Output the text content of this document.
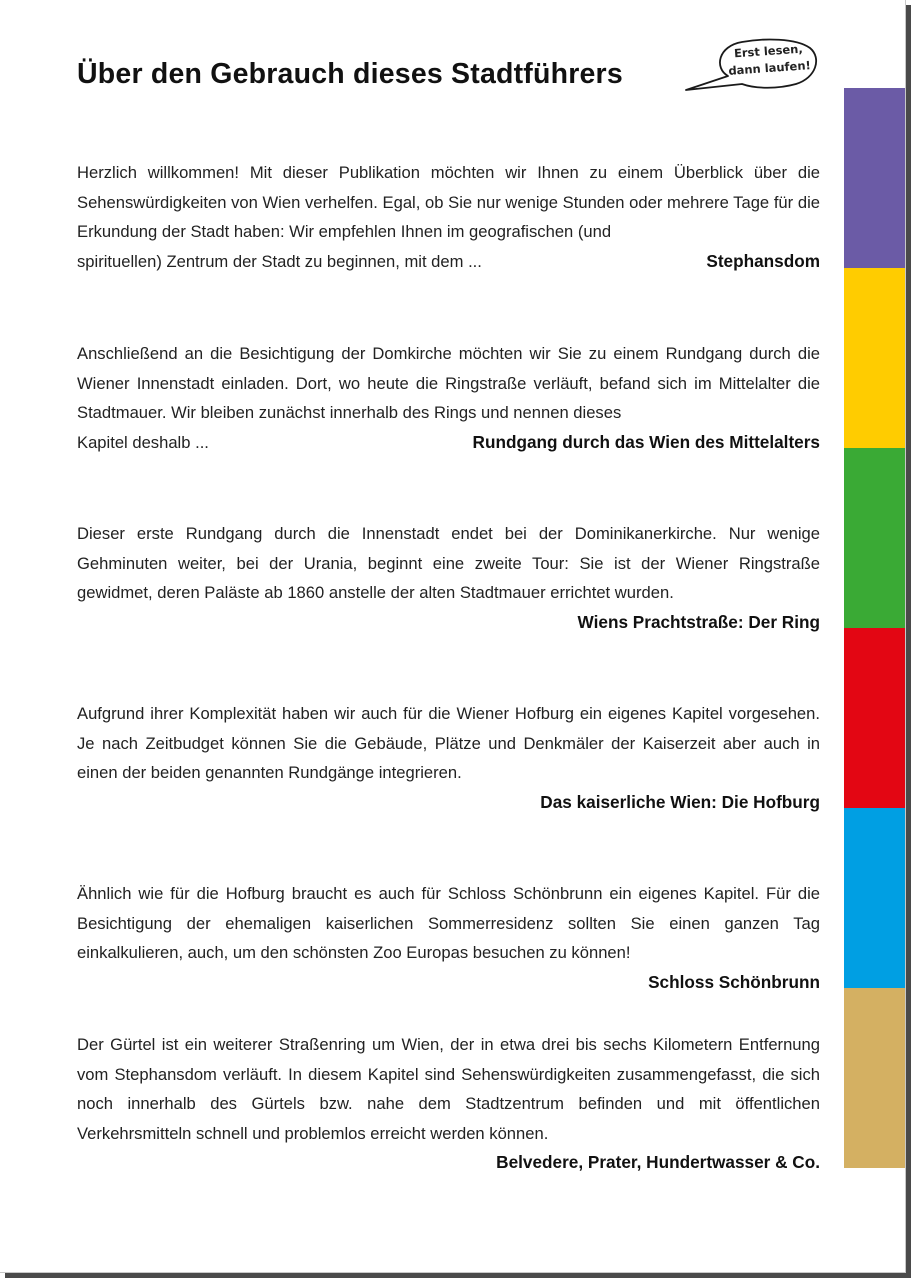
Über den Gebrauch dieses Stadtführers
Erst lesen,
dann laufen!

Herzlich willkommen! Mit dieser Publikation möchten wir Ihnen zu einem Überblick über die Sehenswürdigkeiten von Wien verhelfen. Egal, ob Sie nur wenige Stunden oder mehrere Tage für die Erkundung der Stadt haben: Wir empfehlen Ihnen im geografischen (und

spirituellen) Zentrum der Stadt zu beginnen, mit dem ...	Stephansdom

Anschließend an die Besichtigung der Domkirche möchten wir Sie zu einem Rundgang durch die Wiener Innenstadt einladen. Dort, wo heute die Ringstraße verläuft, befand sich im Mittelalter die Stadtmauer. Wir bleiben zunächst innerhalb des Rings und nennen dieses

Kapitel deshalb ...	Rundgang durch das Wien des Mittelalters

Dieser erste Rundgang durch die Innenstadt endet bei der Dominikanerkirche. Nur wenige Gehminuten weiter, bei der Urania, beginnt eine zweite Tour: Sie ist der Wiener Ringstraße gewidmet, deren Paläste ab 1860 anstelle der alten Stadtmauer errichtet wurden.

Wiens Prachtstraße: Der Ring

Aufgrund ihrer Komplexität haben wir auch für die Wiener Hofburg ein eigenes Kapitel vorgesehen. Je nach Zeitbudget können Sie die Gebäude, Plätze und Denkmäler der Kaiserzeit aber auch in einen der beiden genannten Rundgänge integrieren.

Das kaiserliche Wien: Die Hofburg

Ähnlich wie für die Hofburg braucht es auch für Schloss Schönbrunn ein eigenes Kapitel. Für die Besichtigung der ehemaligen kaiserlichen Sommerresidenz sollten Sie einen ganzen Tag einkalkulieren, auch, um den schönsten Zoo Europas besuchen zu können!

Schloss Schönbrunn

Der Gürtel ist ein weiterer Straßenring um Wien, der in etwa drei bis sechs Kilometern Entfernung vom Stephansdom verläuft. In diesem Kapitel sind Sehenswürdigkeiten zusammengefasst, die sich noch innerhalb des Gürtels bzw. nahe dem Stadtzentrum befinden und mit öffentlichen Verkehrsmitteln schnell und problemlos erreicht werden können.

Belvedere, Prater, Hundertwasser & Co.
